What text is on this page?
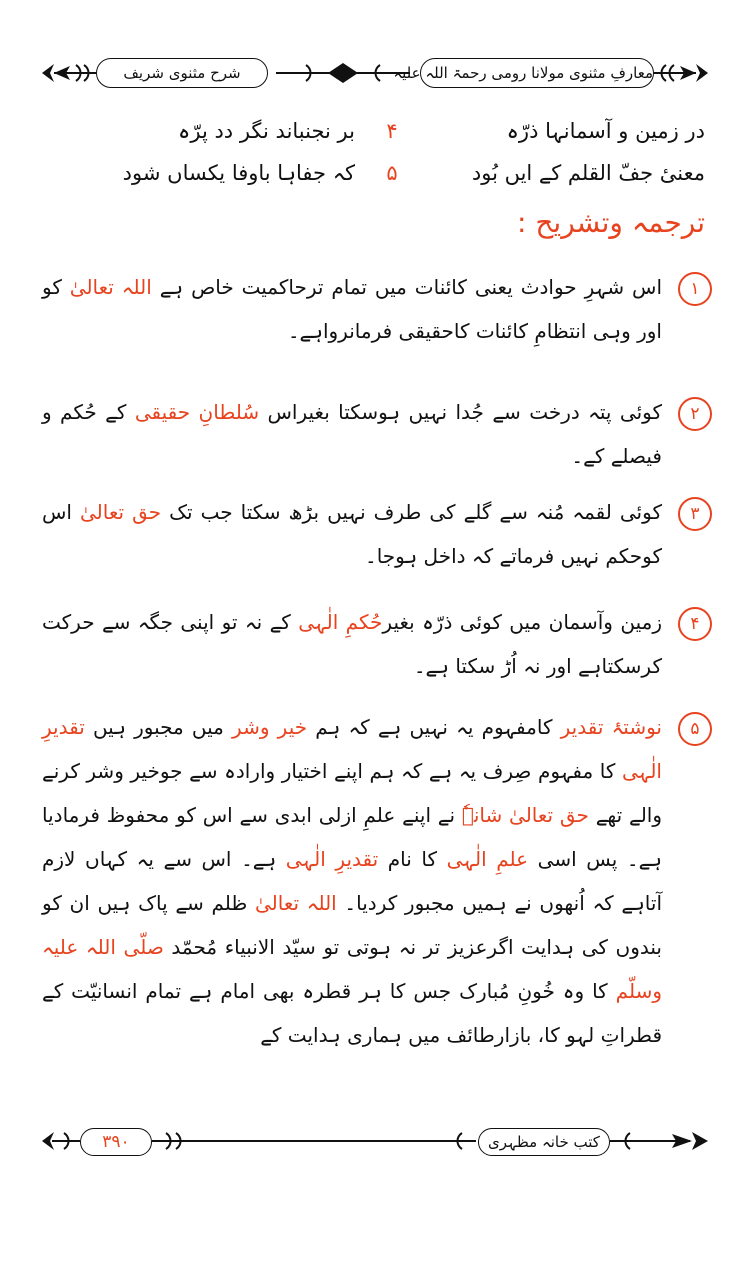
شرح مثنوی شریف	معارفِ مثنوی مولانا رومی رحمۃ اللہ علیہ
در زمین و آسمانہا ذرّہ
۴
بر نجنباند نگر دد پرّہ
معنیٔ جفّ القلم کے ایں بُود
۵
کہ جفاہا باوفا یکساں شود
ترجمہ وتشریح :
١
اس شہرِ حوادث یعنی کائنات میں تمام ترحاکمیت خاص ہے اللہ تعالیٰ کو اور وہی انتظامِ کائنات کاحقیقی فرمانرواہے۔
۲
کوئی پتہ درخت سے جُدا نہیں ہوسکتا بغیراس سُلطانِ حقیقی کے حُکم و فیصلے کے۔
۳
کوئی لقمہ مُنہ سے گلے کی طرف نہیں بڑھ سکتا جب تک حق تعالیٰ اس کوحکم نہیں فرماتے کہ داخل ہوجا۔
۴
زمین وآسمان میں کوئی ذرّہ بغیرحُکمِ الٰہی کے نہ تو اپنی جگہ سے حرکت کرسکتاہے اور نہ اُڑ سکتا ہے۔
۵
نوشتۂ تقدیر کامفہوم یہ نہیں ہے کہ ہم خیر وشر میں مجبور ہیں تقدیرِ الٰہی کا مفہوم صِرف یہ ہے کہ ہم اپنے اختیار وارادہ سے جوخیر وشر کرنے والے تھے حق تعالیٰ شانہٗ نے اپنے علمِ ازلی ابدی سے اس کو محفوظ فرمادیا ہے۔ پس اسی علمِ الٰہی کا نام تقدیرِ الٰہی ہے۔ اس سے یہ کہاں لازم آتاہے کہ اُنھوں نے ہمیں مجبور کردیا۔ اللہ تعالیٰ ظلم سے پاک ہیں ان کو بندوں کی ہدایت اگرعزیز تر نہ ہوتی تو سیّد الانبیاء مُحمّد صلّی اللہ علیہ وسلّم کا وہ خُونِ مُبارک جس کا ہر قطرہ بھی امام ہے تمام انسانیّت کے قطراتِ لہو کا، بازارطائف میں ہماری ہدایت کے
۳۹۰	کتب خانہ مظہری
